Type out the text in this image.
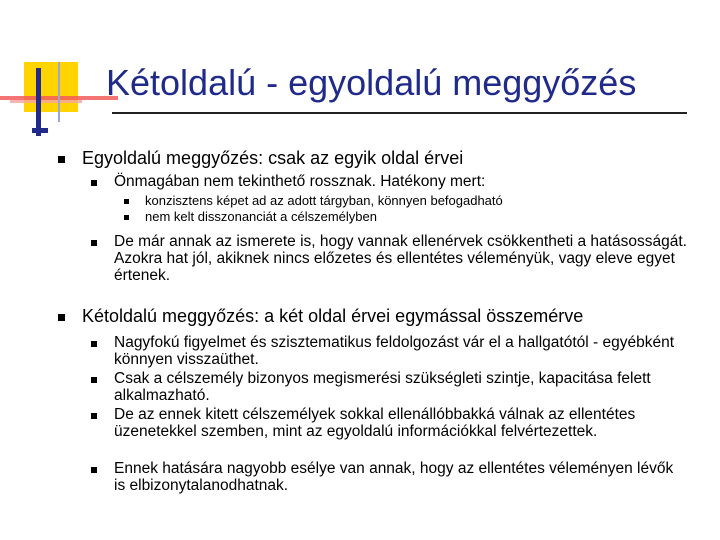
Kétoldalú - egyoldalú meggyőzés
Egyoldalú meggyőzés: csak az egyik oldal érvei
Önmagában nem tekinthető rossznak. Hatékony mert:
konzisztens képet ad az adott tárgyban, könnyen befogadható
nem kelt disszonanciát a célszemélyben
De már annak az ismerete is, hogy vannak ellenérvek csökkentheti a hatásosságát. Azokra hat jól, akiknek nincs előzetes és ellentétes véleményük, vagy eleve egyet értenek.
Kétoldalú meggyőzés: a két oldal érvei egymással összemérve
Nagyfokú figyelmet és szisztematikus feldolgozást vár el a hallgatótól - egyébként könnyen visszaüthet.
Csak a célszemély bizonyos megismerési szükségleti szintje, kapacitása felett alkalmazható.
De az ennek kitett célszemélyek sokkal ellenállóbbakká válnak az ellentétes üzenetekkel szemben, mint az egyoldalú információkkal felvértezettek.
Ennek hatására nagyobb esélye van annak, hogy az ellentétes véleményen lévők is elbizonytalanodhatnak.
